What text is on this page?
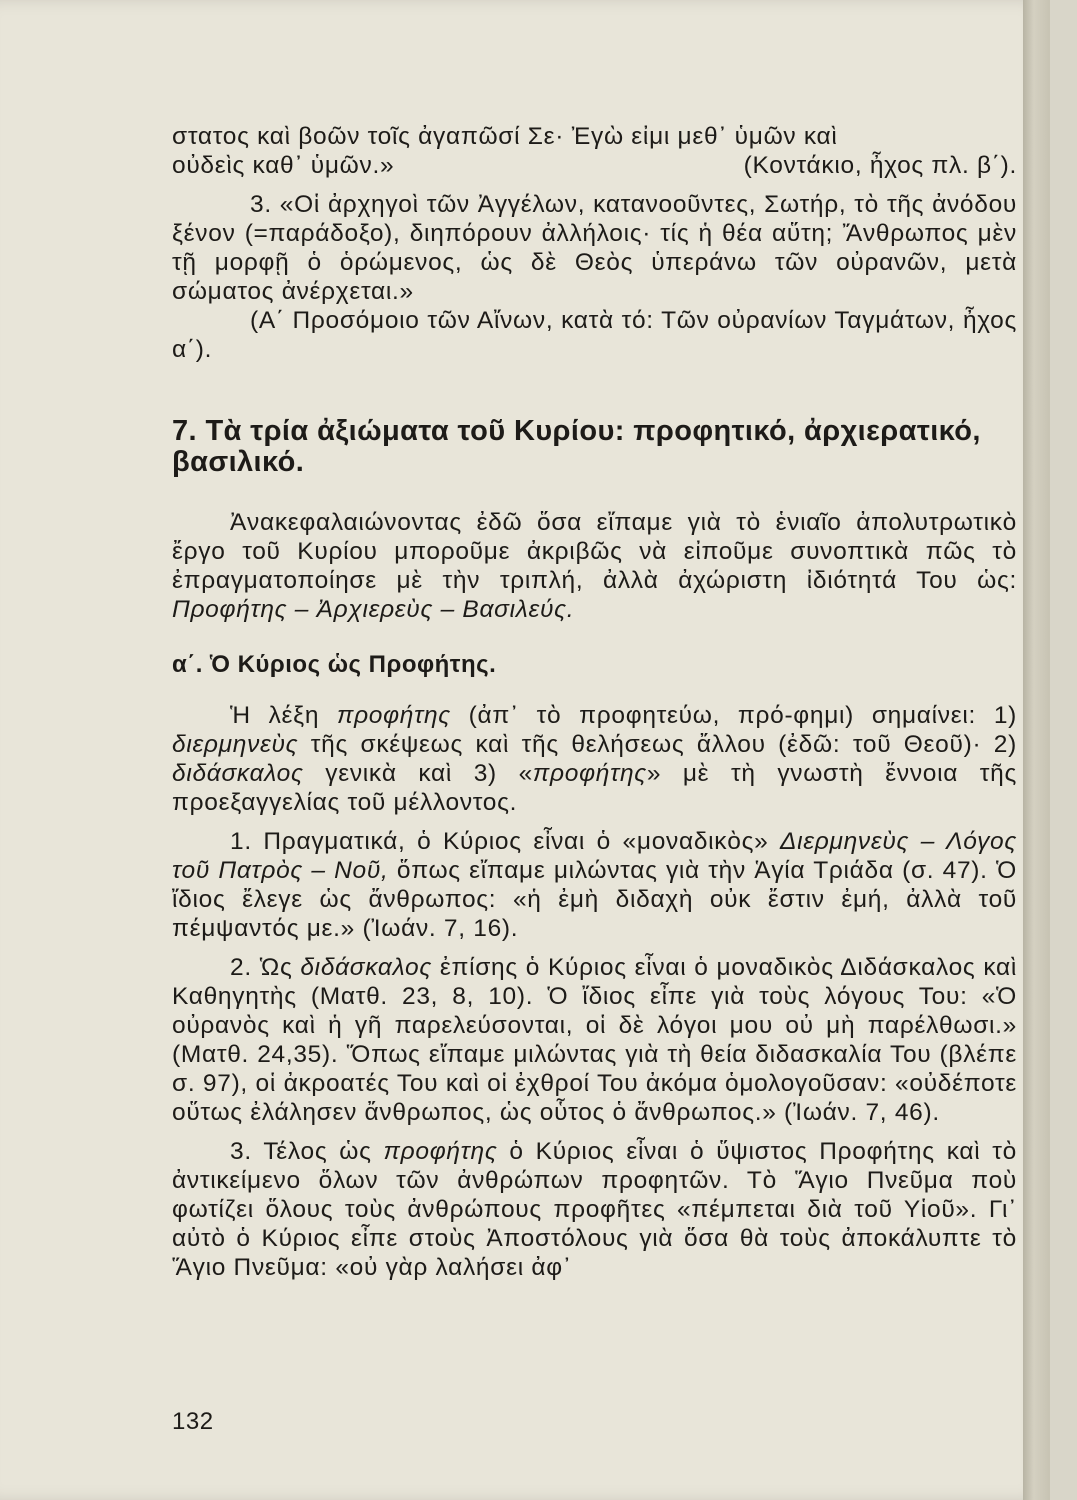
στατος καὶ βοῶν τοῖς ἀγαπῶσί Σε· Ἐγὼ εἰμι μεθ᾿ ὑμῶν καὶ

οὐδεὶς καθ᾿ ὑμῶν.»	(Κοντάκιο, ἦχος πλ. β΄).

3. «Οἱ ἀρχηγοὶ τῶν Ἀγγέλων, κατανοοῦντες, Σωτήρ, τὸ τῆς ἀνόδου ξένον (=παράδοξο), διηπόρουν ἀλλήλοις· τίς ἡ θέα αὕτη; Ἄνθρωπος μὲν τῇ μορφῇ ὁ ὁρώμενος, ὡς δὲ Θεὸς ὑπεράνω τῶν οὐρανῶν, μετὰ σώματος ἀνέρχεται.»

(Α΄ Προσόμοιο τῶν Αἴνων, κατὰ τό: Τῶν οὐρανίων Ταγμάτων, ἦχος α΄).

7. Τὰ τρία ἀξιώματα τοῦ Κυρίου: προφητικό, ἀρχιερατικό, βασιλικό.

Ἀνακεφαλαιώνοντας ἐδῶ ὅσα εἴπαμε γιὰ τὸ ἑνιαῖο ἀπολυτρωτικὸ ἔργο τοῦ Κυρίου μποροῦμε ἀκριβῶς νὰ εἰποῦμε συνοπτικὰ πῶς τὸ ἐπραγματοποίησε μὲ τὴν τριπλή, ἀλλὰ ἀχώριστη ἰδιότητά Του ὡς: Προφήτης – Ἀρχιερεὺς – Βασιλεύς.

α΄. Ὁ Κύριος ὡς Προφήτης.

Ἡ λέξη προφήτης (ἀπ᾿ τὸ προφητεύω, πρό-φημι) σημαίνει: 1) διερμηνεὺς τῆς σκέψεως καὶ τῆς θελήσεως ἄλλου (ἐδῶ: τοῦ Θεοῦ)· 2) διδάσκαλος γενικὰ καὶ 3) «προφήτης» μὲ τὴ γνωστὴ ἔννοια τῆς προεξαγγελίας τοῦ μέλλοντος.

1. Πραγματικά, ὁ Κύριος εἶναι ὁ «μοναδικὸς» Διερμηνεὺς – Λόγος τοῦ Πατρὸς – Νοῦ, ὅπως εἴπαμε μιλώντας γιὰ τὴν Ἁγία Τριάδα (σ. 47). Ὁ ἴδιος ἔλεγε ὡς ἄνθρωπος: «ἡ ἐμὴ διδαχὴ οὐκ ἔστιν ἐμή, ἀλλὰ τοῦ πέμψαντός με.» (Ἰωάν. 7, 16).

2. Ὡς διδάσκαλος ἐπίσης ὁ Κύριος εἶναι ὁ μοναδικὸς Διδάσκαλος καὶ Καθηγητὴς (Ματθ. 23, 8, 10). Ὁ ἴδιος εἶπε γιὰ τοὺς λόγους Του: «Ὁ οὐρανὸς καὶ ἡ γῆ παρελεύσονται, οἱ δὲ λόγοι μου οὐ μὴ παρέλθωσι.» (Ματθ. 24,35). Ὅπως εἴπαμε μιλώντας γιὰ τὴ θεία διδασκαλία Του (βλέπε σ. 97), οἱ ἀκροατές Του καὶ οἱ ἐχθροί Του ἀκόμα ὁμολογοῦσαν: «οὐδέποτε οὕτως ἐλάλησεν ἄνθρωπος, ὡς οὗτος ὁ ἄνθρωπος.» (Ἰωάν. 7, 46).

3. Τέλος ὡς προφήτης ὁ Κύριος εἶναι ὁ ὕψιστος Προφήτης καὶ τὸ ἀντικείμενο ὅλων τῶν ἀνθρώπων προφητῶν. Τὸ Ἅγιο Πνεῦμα ποὺ φωτίζει ὅλους τοὺς ἀνθρώπους προφῆτες «πέμπεται διὰ τοῦ Υἱοῦ». Γι᾿ αὐτὸ ὁ Κύριος εἶπε στοὺς Ἀποστόλους γιὰ ὅσα θὰ τοὺς ἀποκάλυπτε τὸ Ἅγιο Πνεῦμα: «οὐ γὰρ λαλήσει ἀφ᾿

132
